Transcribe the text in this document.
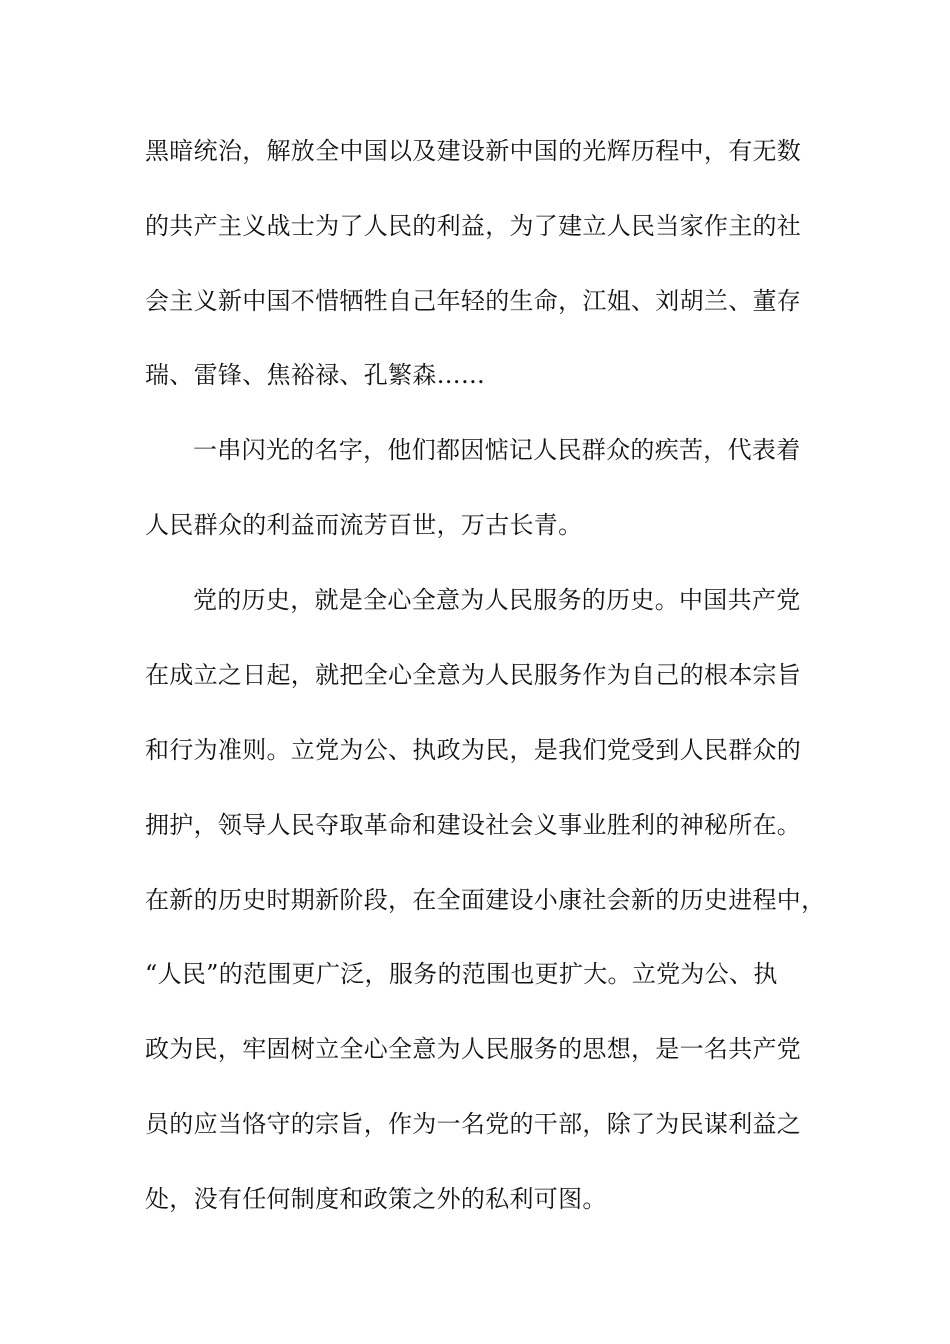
黑暗统治，解放全中国以及建设新中国的光辉历程中，有无数
的共产主义战士为了人民的利益，为了建立人民当家作主的社
会主义新中国不惜牺牲自己年轻的生命，江姐、刘胡兰、董存
瑞、雷锋、焦裕禄、孔繁森……
一串闪光的名字，他们都因惦记人民群众的疾苦，代表着
人民群众的利益而流芳百世，万古长青。
党的历史，就是全心全意为人民服务的历史。中国共产党
在成立之日起，就把全心全意为人民服务作为自己的根本宗旨
和行为准则。立党为公、执政为民，是我们党受到人民群众的
拥护，领导人民夺取革命和建设社会义事业胜利的神秘所在。
在新的历史时期新阶段，在全面建设小康社会新的历史进程中，
“人民”的范围更广泛，服务的范围也更扩大。立党为公、执
政为民，牢固树立全心全意为人民服务的思想，是一名共产党
员的应当恪守的宗旨，作为一名党的干部，除了为民谋利益之
处，没有任何制度和政策之外的私利可图。
